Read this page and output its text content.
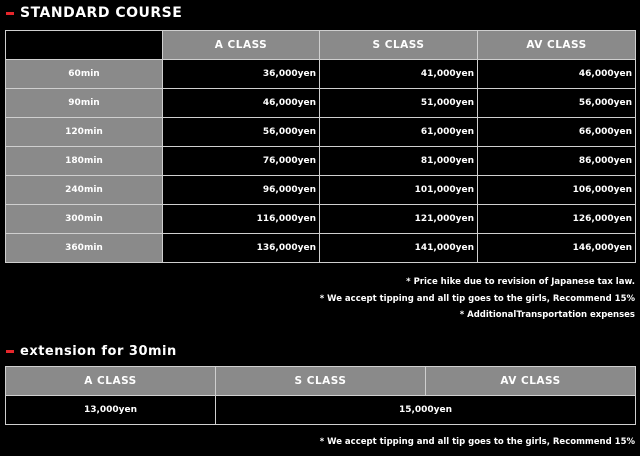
STANDARD COURSE
	A CLASS	S CLASS	AV CLASS
60min	36,000yen	41,000yen	46,000yen
90min	46,000yen	51,000yen	56,000yen
120min	56,000yen	61,000yen	66,000yen
180min	76,000yen	81,000yen	86,000yen
240min	96,000yen	101,000yen	106,000yen
300min	116,000yen	121,000yen	126,000yen
360min	136,000yen	141,000yen	146,000yen
* Price hike due to revision of Japanese tax law.
* We accept tipping and all tip goes to the girls, Recommend 15%
* AdditionalTransportation expenses
extension for 30min
A CLASS	S CLASS	AV CLASS
13,000yen	15,000yen	
* We accept tipping and all tip goes to the girls, Recommend 15%
